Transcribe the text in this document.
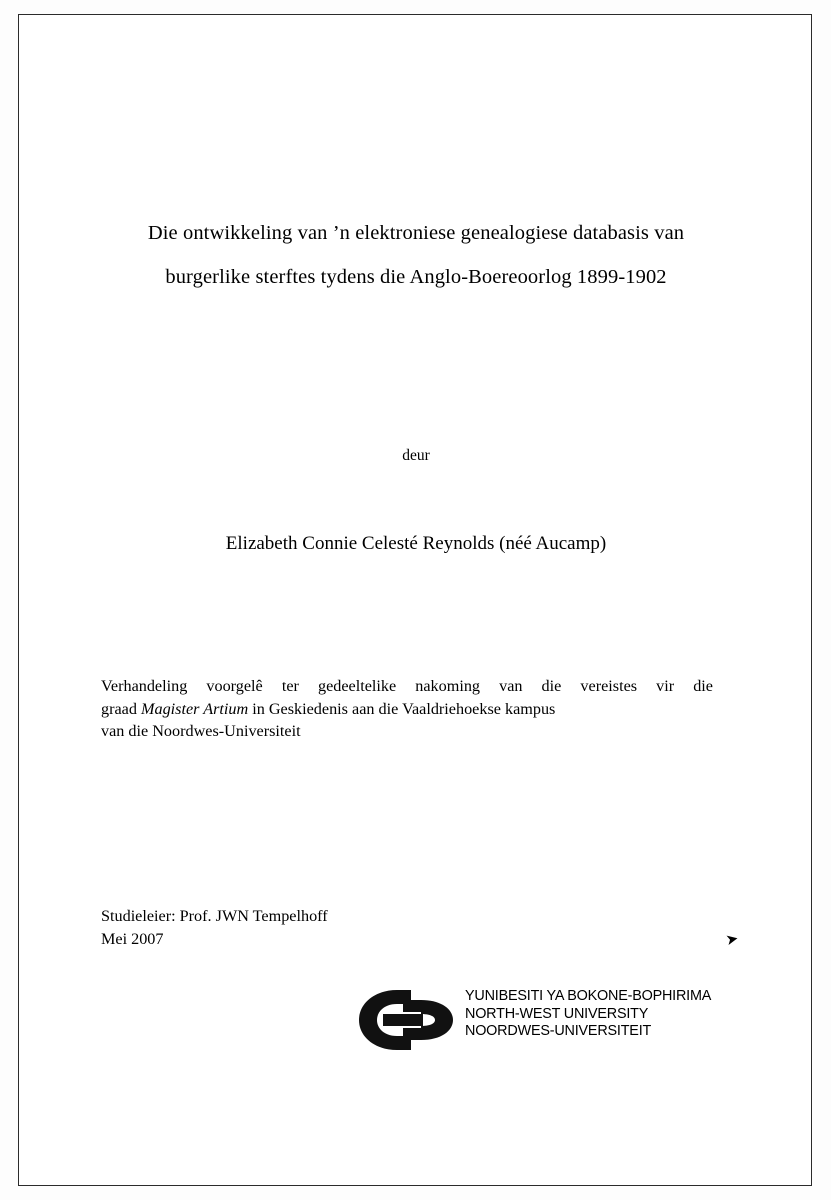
Die ontwikkeling van ’n elektroniese genealogiese databasis van
burgerlike sterftes tydens die Anglo-Boereoorlog 1899-1902
deur
Elizabeth Connie Celesté Reynolds (néé Aucamp)
Verhandeling voorgelê ter gedeeltelike nakoming van die vereistes vir die
graad Magister Artium in Geskiedenis aan die Vaaldriehoekse kampus
van die Noordwes-Universiteit
Studieleier: Prof. JWN Tempelhoff
Mei 2007	➤
YUNIBESITI YA BOKONE-BOPHIRIMA
NORTH-WEST UNIVERSITY
NOORDWES-UNIVERSITEIT
